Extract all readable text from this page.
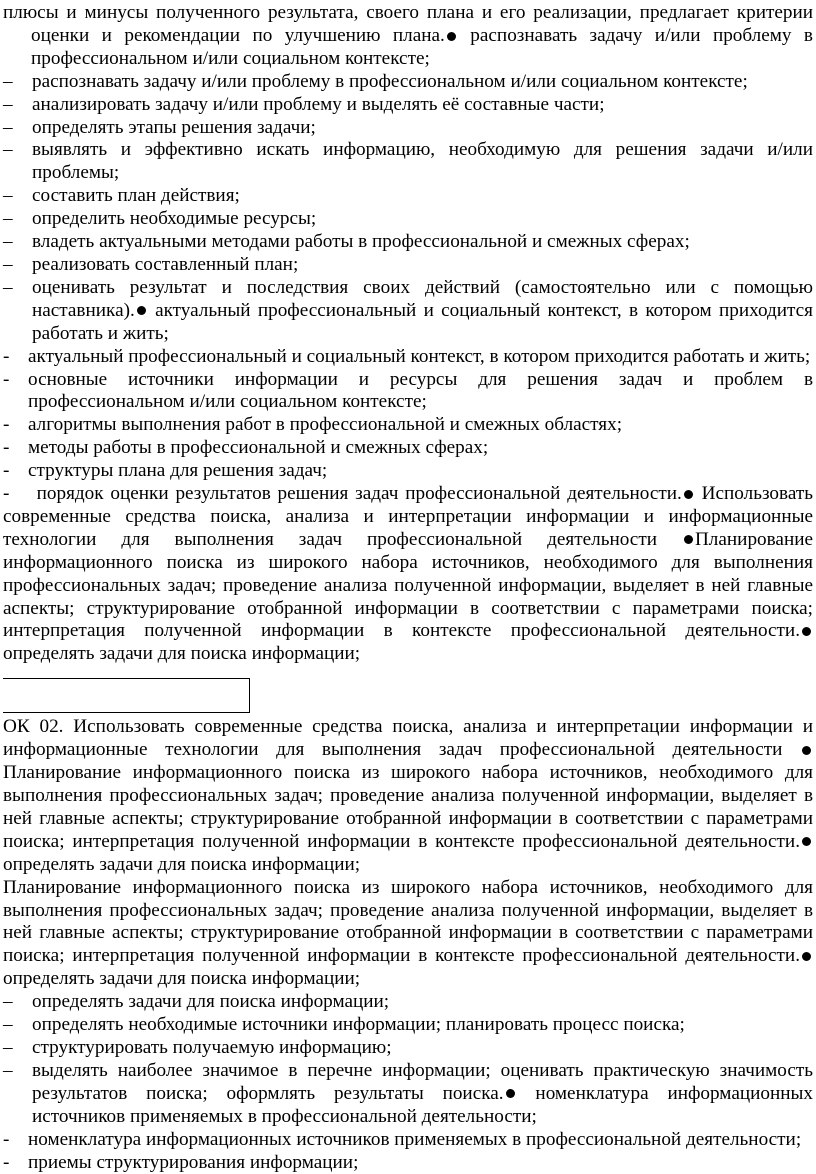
плюсы и минусы полученного результата, своего плана и его реализации, предлагает критерии оценки и рекомендации по улучшению плана. распознавать задачу и/или проблему в профессиональном и/или социальном контексте;

– распознавать задачу и/или проблему в профессиональном и/или социальном контексте;
– анализировать задачу и/или проблему и выделять её составные части;
– определять этапы решения задачи;
– выявлять и эффективно искать информацию, необходимую для решения задачи и/или проблемы;
– составить план действия;
– определить необходимые ресурсы;
– владеть актуальными методами работы в профессиональной и смежных сферах;
– реализовать составленный план;
– оценивать результат и последствия своих действий (самостоятельно или с помощью наставника). актуальный профессиональный и социальный контекст, в котором приходится работать и жить;
- актуальный профессиональный и социальный контекст, в котором приходится работать и жить;
- основные источники информации и ресурсы для решения задач и проблем в профессиональном и/или социальном контексте;
- алгоритмы выполнения работ в профессиональной и смежных областях;
- методы работы в профессиональной и смежных сферах;
- структуры плана для решения задач;

- порядок оценки результатов решения задач профессиональной деятельности. Использовать современные средства поиска, анализа и интерпретации информации и информационные технологии для выполнения задач профессиональной деятельности Планирование информационного поиска из широкого набора источников, необходимого для выполнения профессиональных задач; проведение анализа полученной информации, выделяет в ней главные аспекты; структурирование отобранной информации в соответствии с параметрами поиска; интерпретация полученной информации в контексте профессиональной деятельности. определять задачи для поиска информации;

ОК 02. Использовать современные средства поиска, анализа и интерпретации информации и информационные технологии для выполнения задач профессиональной деятельности Планирование информационного поиска из широкого набора источников, необходимого для выполнения профессиональных задач; проведение анализа полученной информации, выделяет в ней главные аспекты; структурирование отобранной информации в соответствии с параметрами поиска; интерпретация полученной информации в контексте профессиональной деятельности. определять задачи для поиска информации;

Планирование информационного поиска из широкого набора источников, необходимого для выполнения профессиональных задач; проведение анализа полученной информации, выделяет в ней главные аспекты; структурирование отобранной информации в соответствии с параметрами поиска; интерпретация полученной информации в контексте профессиональной деятельности. определять задачи для поиска информации;

– определять задачи для поиска информации;
– определять необходимые источники информации; планировать процесс поиска;
– структурировать получаемую информацию;
– выделять наиболее значимое в перечне информации; оценивать практическую значимость результатов поиска; оформлять результаты поиска. номенклатура информационных источников применяемых в профессиональной деятельности;
- номенклатура информационных источников применяемых в профессиональной деятельности;
- приемы структурирования информации;
